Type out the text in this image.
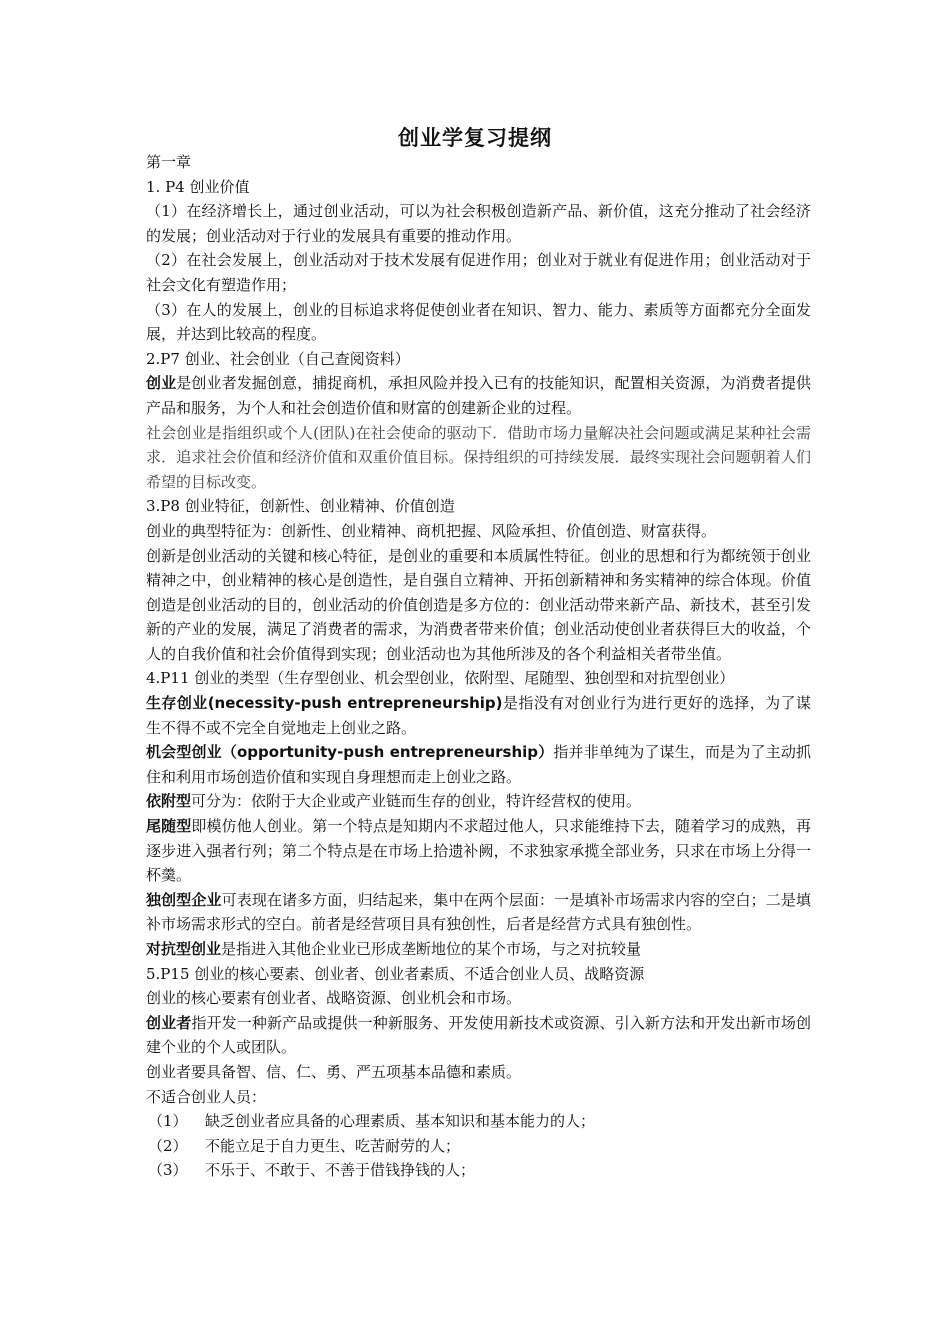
创业学复习提纲

第一章

1. P4 创业价值

（1）在经济增长上，通过创业活动，可以为社会积极创造新产品、新价值，这充分推动了社会经济的发展；创业活动对于行业的发展具有重要的推动作用。

（2）在社会发展上，创业活动对于技术发展有促进作用；创业对于就业有促进作用；创业活动对于社会文化有塑造作用；

（3）在人的发展上，创业的目标追求将促使创业者在知识、智力、能力、素质等方面都充分全面发展，并达到比较高的程度。

2.P7 创业、社会创业（自己查阅资料）

创业是创业者发掘创意，捕捉商机，承担风险并投入已有的技能知识，配置相关资源，为消费者提供产品和服务，为个人和社会创造价值和财富的创建新企业的过程。

社会创业是指组织或个人(团队)在社会使命的驱动下．借助市场力量解决社会问题或满足某种社会需求．追求社会价值和经济价值和双重价值目标。保持组织的可持续发展．最终实现社会问题朝着人们希望的目标改变。

3.P8 创业特征，创新性、创业精神、价值创造

创业的典型特征为：创新性、创业精神、商机把握、风险承担、价值创造、财富获得。

创新是创业活动的关键和核心特征，是创业的重要和本质属性特征。创业的思想和行为都统领于创业精神之中，创业精神的核心是创造性，是自强自立精神、开拓创新精神和务实精神的综合体现。价值创造是创业活动的目的，创业活动的价值创造是多方位的：创业活动带来新产品、新技术，甚至引发新的产业的发展，满足了消费者的需求，为消费者带来价值；创业活动使创业者获得巨大的收益，个人的自我价值和社会价值得到实现；创业活动也为其他所涉及的各个利益相关者带坐值。

4.P11 创业的类型（生存型创业、机会型创业，依附型、尾随型、独创型和对抗型创业）

生存创业(necessity-push entrepreneurship)是指没有对创业行为进行更好的选择，为了谋生不得不或不完全自觉地走上创业之路。

机会型创业（opportunity-push entrepreneurship）指并非单纯为了谋生，而是为了主动抓住和利用市场创造价值和实现自身理想而走上创业之路。

依附型可分为：依附于大企业或产业链而生存的创业，特许经营权的使用。

尾随型即模仿他人创业。第一个特点是知期内不求超过他人，只求能维持下去，随着学习的成熟，再逐步进入强者行列；第二个特点是在市场上拾遗补阙，不求独家承揽全部业务，只求在市场上分得一杯羹。

独创型企业可表现在诸多方面，归结起来，集中在两个层面：一是填补市场需求内容的空白；二是填补市场需求形式的空白。前者是经营项目具有独创性，后者是经营方式具有独创性。

对抗型创业是指进入其他企业业已形成垄断地位的某个市场，与之对抗较量

5.P15 创业的核心要素、创业者、创业者素质、不适合创业人员、战略资源

创业的核心要素有创业者、战略资源、创业机会和市场。

创业者指开发一种新产品或提供一种新服务、开发使用新技术或资源、引入新方法和开发出新市场创建个业的个人或团队。

创业者要具备智、信、仁、勇、严五项基本品德和素质。

不适合创业人员：

（1）	缺乏创业者应具备的心理素质、基本知识和基本能力的人；
（2）	不能立足于自力更生、吃苦耐劳的人；
（3）	不乐于、不敢于、不善于借钱挣钱的人；
